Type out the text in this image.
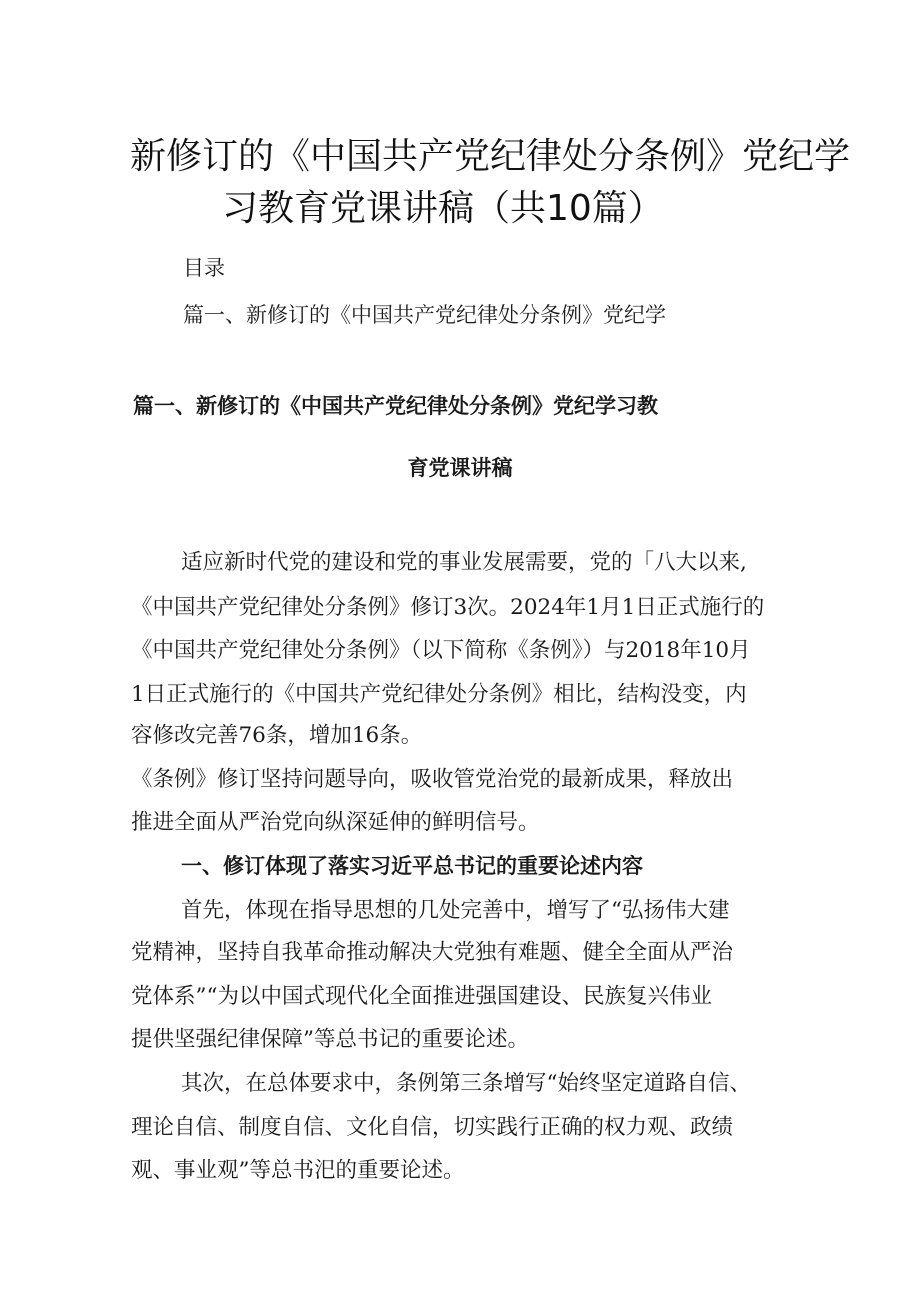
新修订的《中国共产党纪律处分条例》党纪学
习教育党课讲稿（共10篇）
目录
篇一、新修订的《中国共产党纪律处分条例》党纪学
篇一、新修订的《中国共产党纪律处分条例》党纪学习教
育党课讲稿
适应新时代党的建设和党的事业发展需要，党的「八大以来,
《中国共产党纪律处分条例》修订3次。2024年1月1日正式施行的
《中国共产党纪律处分条例》（以下简称《条例》）与2018年10月
1日正式施行的《中国共产党纪律处分条例》相比，结构没变，内
容修改完善76条，增加16条。
《条例》修订坚持问题导向，吸收管党治党的最新成果，释放出
推进全面从严治党向纵深延伸的鲜明信号。
一、修订体现了落实习近平总书记的重要论述内容
首先，体现在指导思想的几处完善中，增写了“弘扬伟大建
党精神，坚持自我革命推动解决大党独有难题、健全全面从严治
党体系”“为以中国式现代化全面推进强国建设、民族复兴伟业
提供坚强纪律保障”等总书记的重要论述。
其次，在总体要求中，条例第三条增写“始终坚定道路自信、
理论自信、制度自信、文化自信，切实践行正确的权力观、政绩
观、事业观”等总书汜的重要论述。
